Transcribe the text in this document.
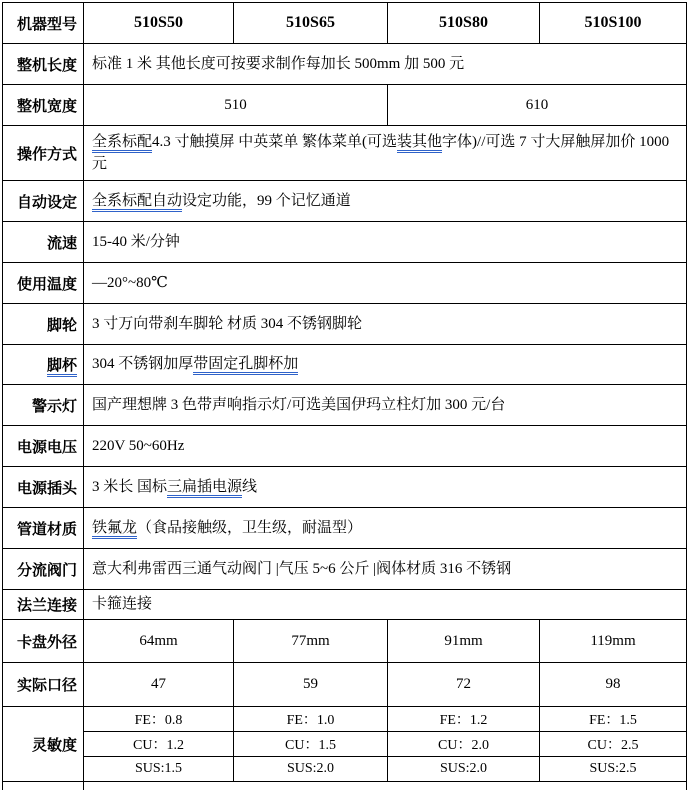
机器型号	510S50	510S65	510S80	510S100
整机长度	标准 1 米 其他长度可按要求制作每加长 500mm 加 500 元			
整机宽度	510		610	
操作方式	全系标配4.3 寸触摸屏 中英菜单 繁体菜单(可选装其他字体)//可选 7 寸大屏触屏加价 1000 元			
自动设定	全系标配自动设定功能，99 个记忆通道			
流速	15-40 米/分钟			
使用温度	—20°~80℃			
脚轮	3 寸万向带刹车脚轮 材质 304 不锈钢脚轮			
脚杯	304 不锈钢加厚带固定孔脚杯加			
警示灯	国产理想牌 3 色带声响指示灯/可选美国伊玛立柱灯加 300 元/台			
电源电压	220V 50~60Hz			
电源插头	3 米长 国标三扁插电源线			
管道材质	铁氟龙（食品接触级，卫生级，耐温型）			
分流阀门	意大利弗雷西三通气动阀门 |气压 5~6 公斤 |阀体材质 316 不锈钢			
法兰连接	卡箍连接			
卡盘外径	64mm	77mm	91mm	119mm
实际口径	47	59	72	98
灵敏度	FE：0.8	FE：1.0	FE：1.2	FE：1.5
	CU：1.2	CU：1.5	CU：2.0	CU：2.5
	SUS:1.5	SUS:2.0	SUS:2.0	SUS:2.5
